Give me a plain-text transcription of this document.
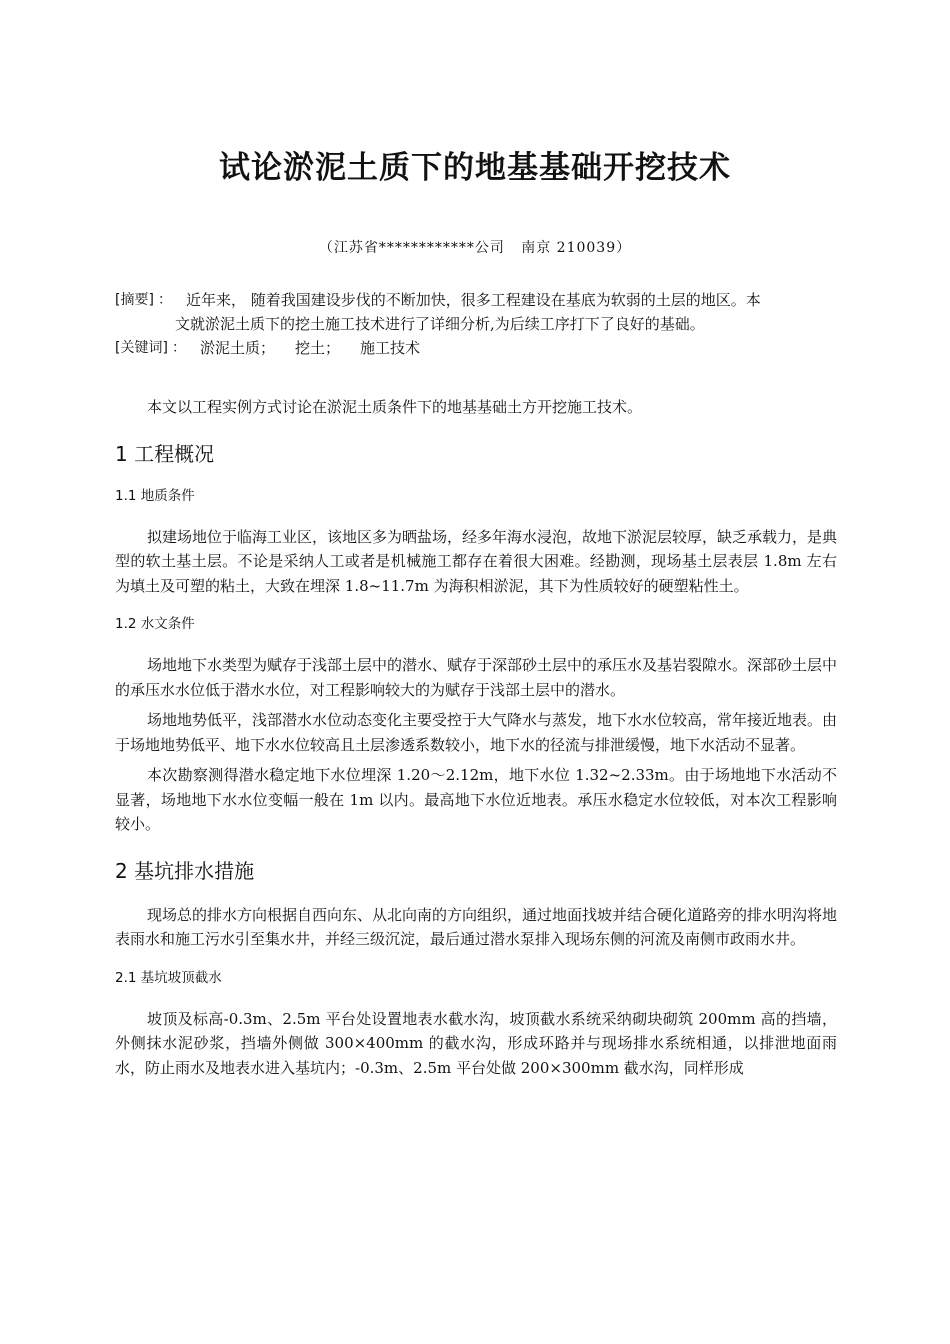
试论淤泥土质下的地基基础开挖技术
（江苏省************公司   南京 210039）
[摘要] ： 近年来， 随着我国建设步伐的不断加快，很多工程建设在基底为软弱的土层的地区。本
文就淤泥土质下的挖土施工技术进行了详细分析,为后续工序打下了良好的基础。
[关键词] ： 淤泥土质； 挖土； 施工技术

本文以工程实例方式讨论在淤泥土质条件下的地基基础土方开挖施工技术。

1 工程概况
1.1 地质条件

拟建场地位于临海工业区，该地区多为晒盐场，经多年海水浸泡，故地下淤泥层较厚，缺乏承载力，是典型的软土基土层。不论是采纳人工或者是机械施工都存在着很大困难。经勘测，现场基土层表层 1.8m 左右为填土及可塑的粘土，大致在埋深 1.8~11.7m 为海积相淤泥，其下为性质较好的硬塑粘性土。

1.2 水文条件

场地地下水类型为赋存于浅部土层中的潜水、赋存于深部砂土层中的承压水及基岩裂隙水。深部砂土层中的承压水水位低于潜水水位，对工程影响较大的为赋存于浅部土层中的潜水。

场地地势低平，浅部潜水水位动态变化主要受控于大气降水与蒸发，地下水水位较高，常年接近地表。由于场地地势低平、地下水水位较高且土层渗透系数较小，地下水的径流与排泄缓慢，地下水活动不显著。

本次勘察测得潜水稳定地下水位埋深 1.20～2.12m，地下水位 1.32~2.33m。由于场地地下水活动不显著，场地地下水水位变幅一般在 1m 以内。最高地下水位近地表。承压水稳定水位较低，对本次工程影响较小。

2 基坑排水措施

现场总的排水方向根据自西向东、从北向南的方向组织，通过地面找坡并结合硬化道路旁的排水明沟将地表雨水和施工污水引至集水井，并经三级沉淀，最后通过潜水泵排入现场东侧的河流及南侧市政雨水井。

2.1 基坑坡顶截水

坡顶及标高-0.3m、2.5m 平台处设置地表水截水沟，坡顶截水系统采纳砌块砌筑 200mm 高的挡墙，外侧抹水泥砂浆，挡墙外侧做 300×400mm 的截水沟，形成环路并与现场排水系统相通，以排泄地面雨水，防止雨水及地表水进入基坑内；-0.3m、2.5m 平台处做 200×300mm 截水沟，同样形成
